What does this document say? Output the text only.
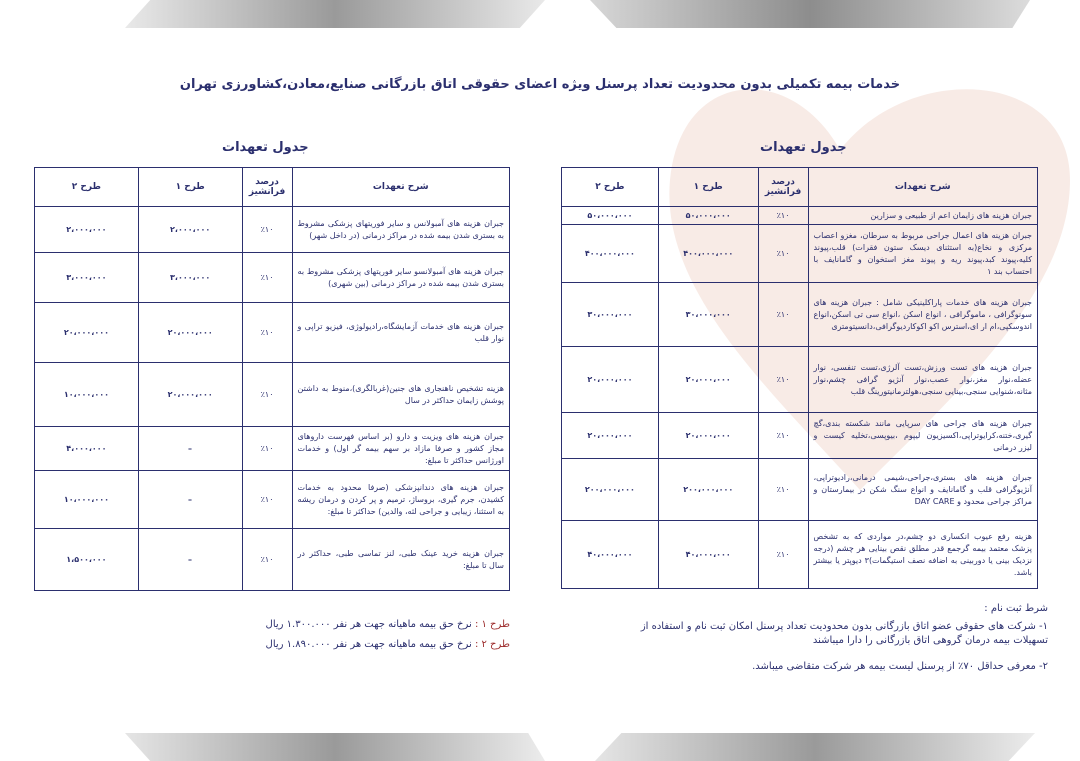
خدمات بیمه تکمیلی بدون محدودیت تعداد پرسنل ویژه اعضای حقوقی اتاق بازرگانی صنایع،معادن،کشاورزی تهران
جدول تعهدات
شرح تعهدات	درصد فرانشیز	طرح ۱	طرح ۲
جبران هزینه های زایمان اعم از طبیعی و سزارین	٪۱۰	۵۰،۰۰۰،۰۰۰	۵۰،۰۰۰،۰۰۰
جبران هزینه های اعمال جراحی مربوط به سرطان، مغزو اعصاب مرکزی و نخاع(به استثنای دیسک ستون فقرات) قلب،پیوند کلیه،پیوند کبد،پیوند ریه و پیوند مغز استخوان و گامانایف با احتساب بند ۱	٪۱۰	۴۰۰،۰۰۰،۰۰۰	۴۰۰،۰۰۰،۰۰۰
جبران هزینه های خدمات پاراکلینیکی شامل : جبران هزینه های سونوگرافی ، ماموگرافی ، انواع اسکن ،انواع سی تی اسکن،انواع اندوسکپی،ام ار ای،استرس اکو اکوکاردیوگرافی،دانسیتومتری	٪۱۰	۳۰،۰۰۰،۰۰۰	۳۰،۰۰۰،۰۰۰
جبران هزینه های تست ورزش،تست آلرژی،تست تنفسی، نوار عضله،نوار مغز،نوار عصب،نوار آنژیو گرافی چشم،نوار مثانه،شنوایی سنجی،بینایی سنجی،هولترمانیتورینگ قلب	٪۱۰	۲۰،۰۰۰،۰۰۰	۲۰،۰۰۰،۰۰۰
جبران هزینه های جراحی های سرپایی مانند شکسته بندی،گچ گیری،ختنه،کرایوتراپی،اکسیزیون لیپوم ،بیوپسی،تخلیه کیست و لیزر درمانی	٪۱۰	۲۰،۰۰۰،۰۰۰	۲۰،۰۰۰،۰۰۰
جبران هزینه های بستری،جراحی،شیمی درمانی،رادیوتراپی، آنژیوگرافی قلب و گامانایف و انواع سنگ شکن در بیمارستان و مراکز جراحی محدود و DAY CARE	٪۱۰	۲۰۰،۰۰۰،۰۰۰	۲۰۰،۰۰۰،۰۰۰
هزینه رفع عیوب انکساری دو چشم،در مواردی که به تشخص پزشک معتمد بیمه گرجمع قدر مطلق نقص بینایی هر چشم (درجه نزدیک بینی یا دوربینی به اضافه نصف استیگمات)۳ دیوپتر یا بیشتر باشد.	٪۱۰	۴۰،۰۰۰،۰۰۰	۴۰،۰۰۰،۰۰۰
شرط ثبت نام :
۱- شرکت های حقوقی عضو اتاق بازرگانی بدون محدودیت تعداد پرسنل امکان ثبت نام و استفاده از تسهیلات بیمه درمان گروهی اتاق بازرگانی را دارا میباشند
۲- معرفی حداقل ۷۰٪ از پرسنل لیست بیمه هر شرکت متقاضی میباشد.
جدول تعهدات
شرح تعهدات	درصد فرانشیز	طرح ۱	طرح ۲
جبران هزینه های آمبولانس و سایر فوریتهای پزشکی مشروط به بستری شدن بیمه شده در مراکز درمانی (در داخل شهر)	٪۱۰	۲،۰۰۰،۰۰۰	۲،۰۰۰،۰۰۰
جبران هزینه های آمبولانسو سایر فوریتهای پزشکی مشروط به بستری شدن بیمه شده در مراکز درمانی (بین شهری)	٪۱۰	۳،۰۰۰،۰۰۰	۳،۰۰۰،۰۰۰
جبران هزینه های خدمات آزمایشگاه،رادیولوژی، فیزیو تراپی و نوار قلب	٪۱۰	۲۰،۰۰۰،۰۰۰	۲۰،۰۰۰،۰۰۰
هزینه تشخیص ناهنجاری های جنین(غربالگری)،منوط به داشتن پوشش زایمان حداکثر در سال	٪۱۰	۲۰،۰۰۰،۰۰۰	۱۰،۰۰۰،۰۰۰
جبران هزینه های ویزیت و دارو (بر اساس فهرست داروهای مجاز کشور و صرفا مازاد بر سهم بیمه گر اول) و خدمات اورژانس حداکثر تا مبلغ:	٪۱۰	–	۴،۰۰۰،۰۰۰
جبران هزینه های دندانپزشکی (صرفا محدود به خدمات کشیدن، جرم گیری، بروساژ، ترمیم و پر کردن و درمان ریشه به استثنا، زیبایی و جراحی لثه، والدین) حداکثر تا مبلغ:	٪۱۰	–	۱۰،۰۰۰،۰۰۰
جبران هزینه خرید عینک طبی، لنز تماسی طبی، حداکثر در سال تا مبلغ:	٪۱۰	–	۱،۵۰۰،۰۰۰
طرح ۱ : نرخ حق بیمه ماهیانه جهت هر نفر ۱.۳۰۰.۰۰۰ ریال
طرح ۲ : نرخ حق بیمه ماهیانه جهت هر نفر ۱.۸۹۰.۰۰۰ ریال
